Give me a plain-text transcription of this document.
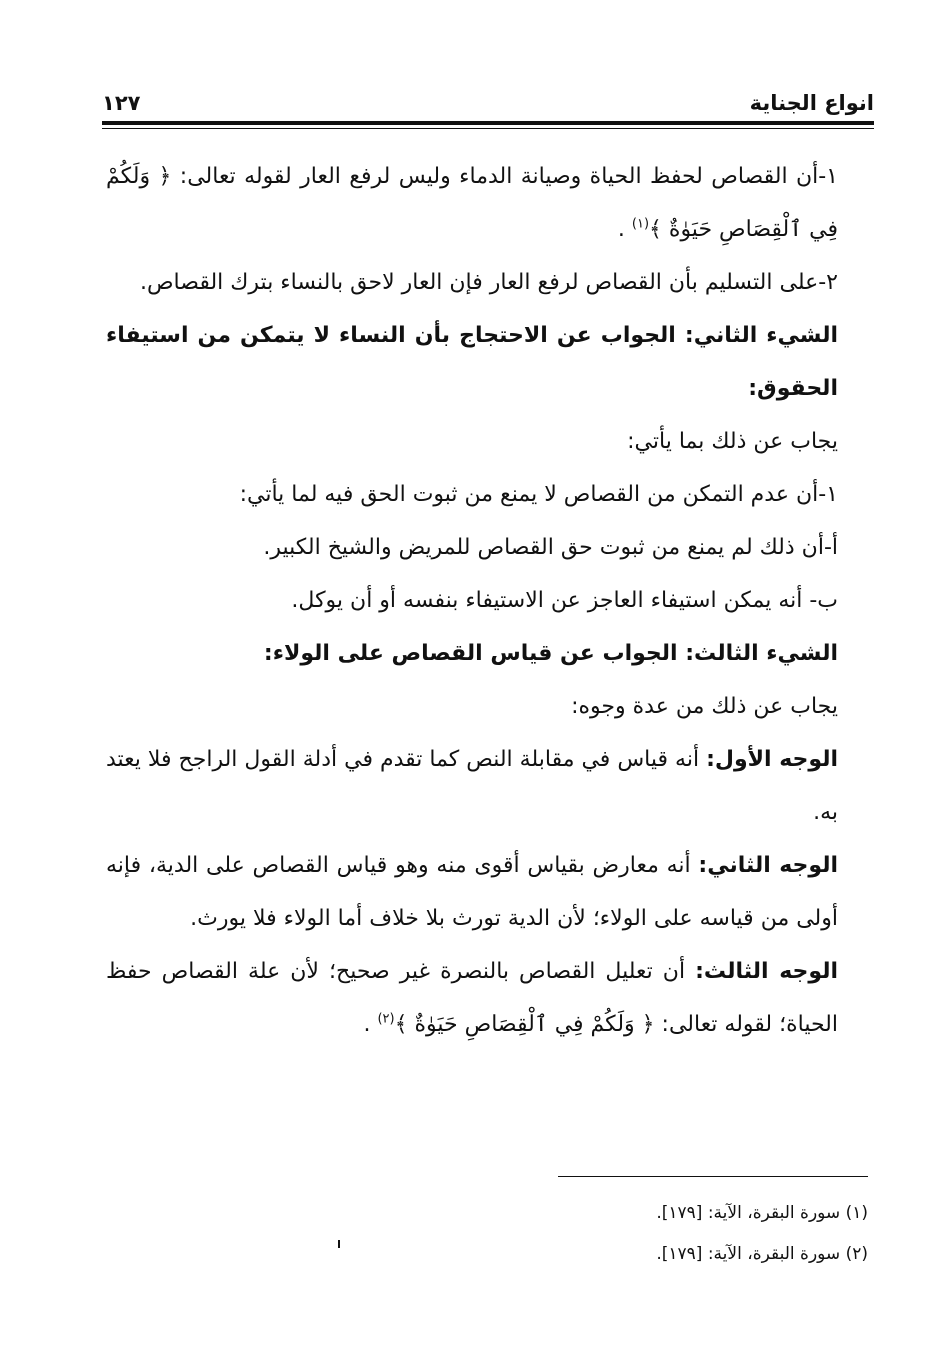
انواع الجناية
١٢٧

١-أن القصاص لحفظ الحياة وصيانة الدماء وليس لرفع العار لقوله تعالى: ﴿ وَلَكُمْ فِي ٱلْقِصَاصِ حَيَوٰةٌ ﴾$^{(١)}$ .

٢-على التسليم بأن القصاص لرفع العار فإن العار لاحق بالنساء بترك القصاص.

الشيء الثاني: الجواب عن الاحتجاج بأن النساء لا يتمكن من استيفاء الحقوق:

يجاب عن ذلك بما يأتي:

١-أن عدم التمكن من القصاص لا يمنع من ثبوت الحق فيه لما يأتي:

أ-أن ذلك لم يمنع من ثبوت حق القصاص للمريض والشيخ الكبير.

ب- أنه يمكن استيفاء العاجز عن الاستيفاء بنفسه أو أن يوكل.

الشيء الثالث: الجواب عن قياس القصاص على الولاء:

يجاب عن ذلك من عدة وجوه:

الوجه الأول: أنه قياس في مقابلة النص كما تقدم في أدلة القول الراجح فلا يعتد به.

الوجه الثاني: أنه معارض بقياس أقوى منه وهو قياس القصاص على الدية، فإنه أولى من قياسه على الولاء؛ لأن الدية تورث بلا خلاف أما الولاء فلا يورث.

الوجه الثالث: أن تعليل القصاص بالنصرة غير صحيح؛ لأن علة القصاص حفظ الحياة؛ لقوله تعالى: ﴿ وَلَكُمْ فِي ٱلْقِصَاصِ حَيَوٰةٌ ﴾$^{(٢)}$ .

(١) سورة البقرة، الآية: [١٧٩].

(٢) سورة البقرة، الآية: [١٧٩].
